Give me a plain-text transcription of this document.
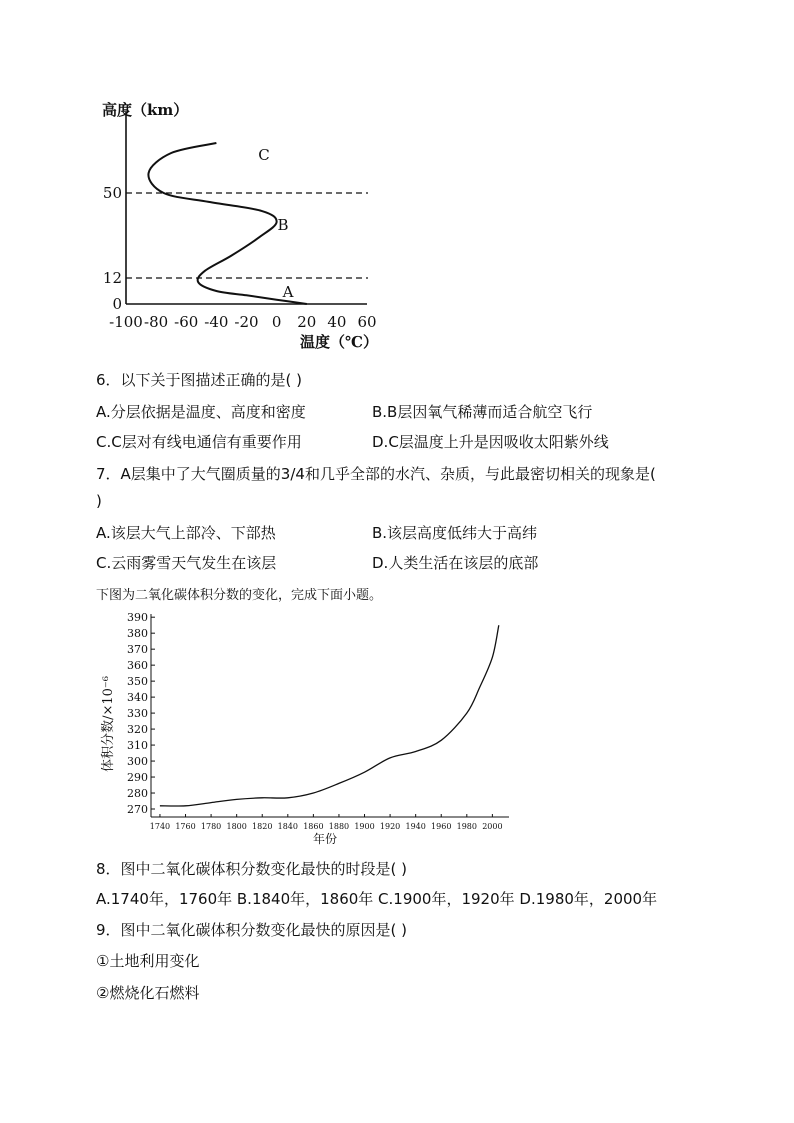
高度（km）
温度（℃）
-100 -80 -60 -40 -20 0 20 40 60
0
12
50
C
B
A
6．以下关于图描述正确的是( )
A.分层依据是温度、高度和密度	B.B层因氧气稀薄而适合航空飞行
C.C层对有线电通信有重要作用	D.C层温度上升是因吸收太阳紫外线
7．A层集中了大气圈质量的3/4和几乎全部的水汽、杂质，与此最密切相关的现象是(
)
A.该层大气上部冷、下部热	B.该层高度低纬大于高纬
C.云雨雾雪天气发生在该层	D.人类生活在该层的底部
下图为二氧化碳体积分数的变化，完成下面小题。
270
280
290
300
310
320
330
340
350
360
370
380
390
1740 1760 1780 1800 1820 1840 1860 1880 1900 1920 1940 1960 1980 2000
年份
体积分数/×10⁻⁶
8．图中二氧化碳体积分数变化最快的时段是( )
A.1740年，1760年 B.1840年，1860年 C.1900年，1920年 D.1980年，2000年
9．图中二氧化碳体积分数变化最快的原因是( )
①土地利用变化
②燃烧化石燃料
